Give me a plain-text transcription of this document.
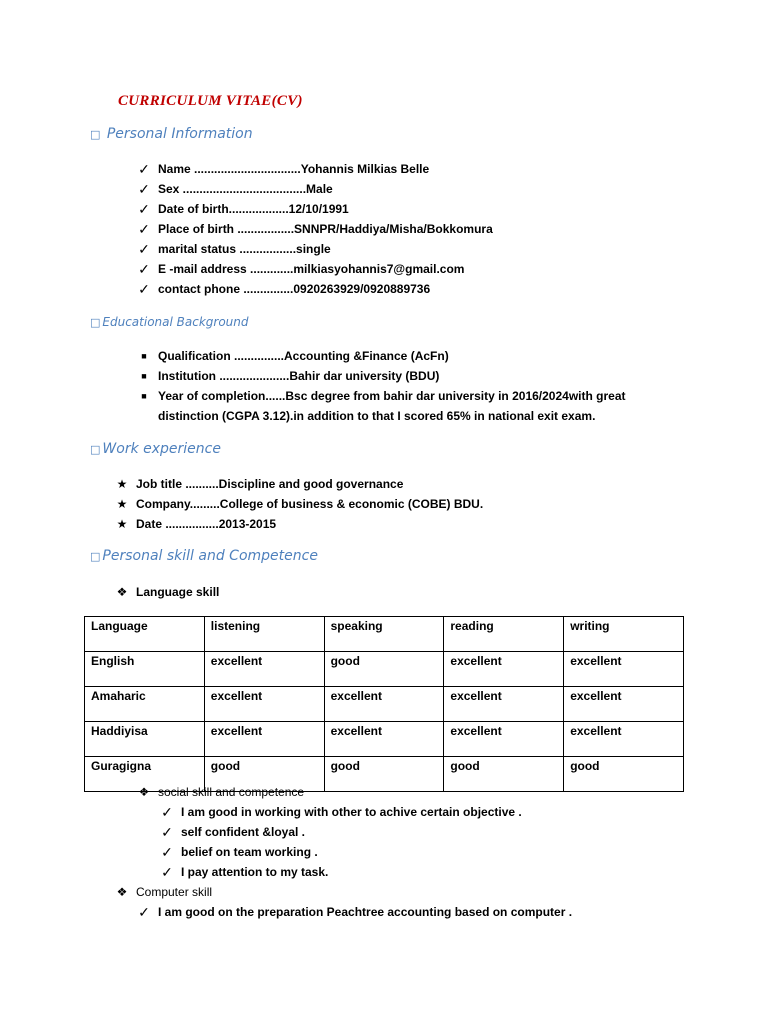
CURRICULUM VITAE(CV)
□ Personal Information
✓ Name ................................Yohannis Milkias Belle
✓ Sex .....................................Male
✓ Date of birth..................12/10/1991
✓ Place of birth .................SNNPR/Haddiya/Misha/Bokkomura
✓ marital status .................single
✓ E -mail address .............milkiasyohannis7@gmail.com
✓ contact phone ...............0920263929/0920889736
□ Educational Background
■ Qualification ...............Accounting &Finance (AcFn)
■ Institution .....................Bahir dar university (BDU)
■ Year of completion......Bsc degree from bahir dar university in 2016/2024with great distinction (CGPA 3.12).in addition to that I scored 65% in national exit exam.
□ Work experience
★ Job title ..........Discipline and good governance
★ Company.........College of business & economic (COBE) BDU.
★ Date ................2013-2015
□ Personal skill and Competence
❖ Language skill
Language	listening	speaking	reading	writing
English	excellent	good	excellent	excellent
Amaharic	excellent	excellent	excellent	excellent
Haddiyisa	excellent	excellent	excellent	excellent
Guragigna	good	good	good	good
❖ social skill and competence
✓ I am good in working with other to achive certain objective .
✓ self confident &loyal .
✓ belief on team working .
✓ I pay attention to my task.
❖ Computer skill
✓ I am good on the preparation Peachtree accounting based on computer .
